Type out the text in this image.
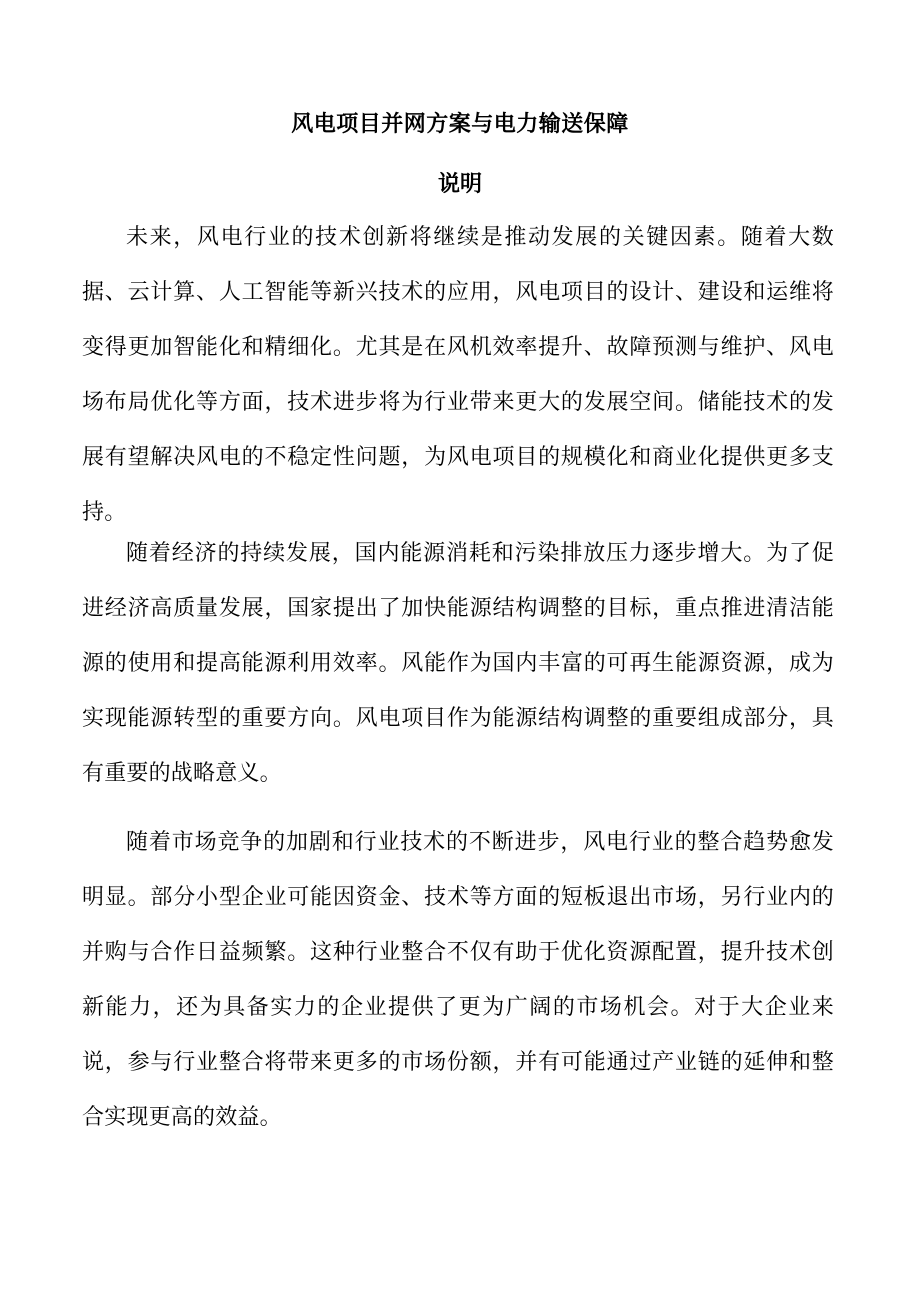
风电项目并网方案与电力输送保障
说明

未来，风电行业的技术创新将继续是推动发展的关键因素。随着大数据、云计算、人工智能等新兴技术的应用，风电项目的设计、建设和运维将变得更加智能化和精细化。尤其是在风机效率提升、故障预测与维护、风电场布局优化等方面，技术进步将为行业带来更大的发展空间。储能技术的发展有望解决风电的不稳定性问题，为风电项目的规模化和商业化提供更多支持。

随着经济的持续发展，国内能源消耗和污染排放压力逐步增大。为了促进经济高质量发展，国家提出了加快能源结构调整的目标，重点推进清洁能源的使用和提高能源利用效率。风能作为国内丰富的可再生能源资源，成为实现能源转型的重要方向。风电项目作为能源结构调整的重要组成部分，具有重要的战略意义。

随着市场竞争的加剧和行业技术的不断进步，风电行业的整合趋势愈发明显。部分小型企业可能因资金、技术等方面的短板退出市场，另行业内的并购与合作日益频繁。这种行业整合不仅有助于优化资源配置，提升技术创新能力，还为具备实力的企业提供了更为广阔的市场机会。对于大企业来说，参与行业整合将带来更多的市场份额，并有可能通过产业链的延伸和整合实现更高的效益。
